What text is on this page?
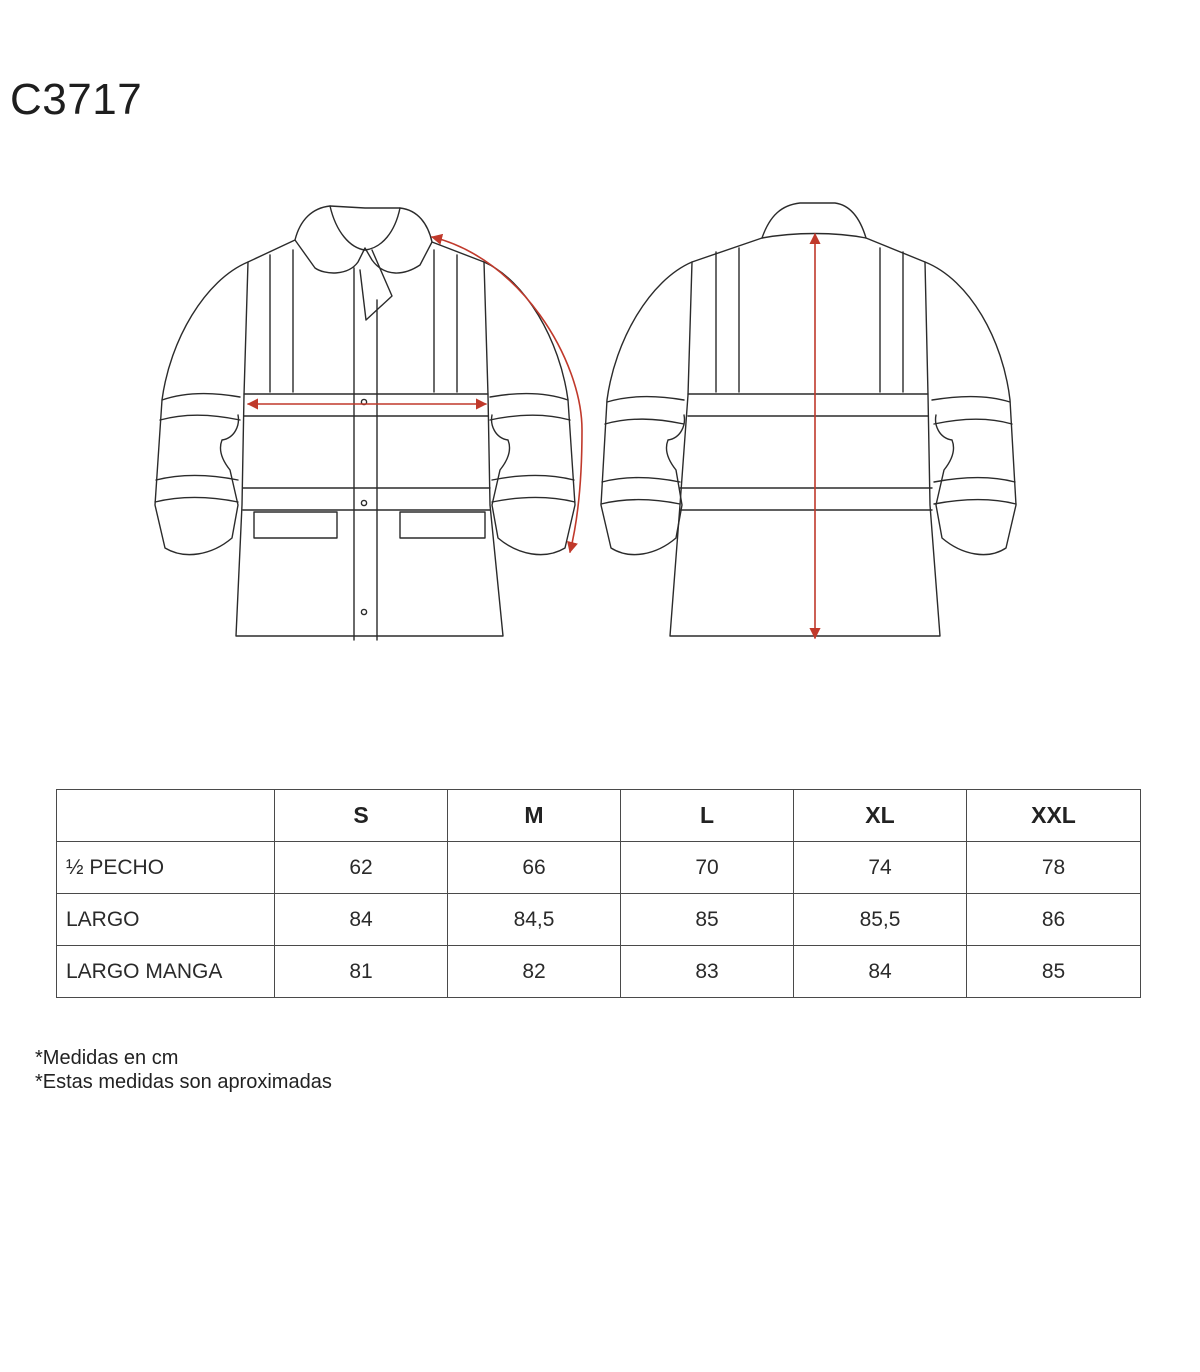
C3717
	S	M	L	XL	XXL
½ PECHO	62	66	70	74	78
LARGO	84	84,5	85	85,5	86
LARGO MANGA	81	82	83	84	85
*Medidas en cm
*Estas medidas son aproximadas
